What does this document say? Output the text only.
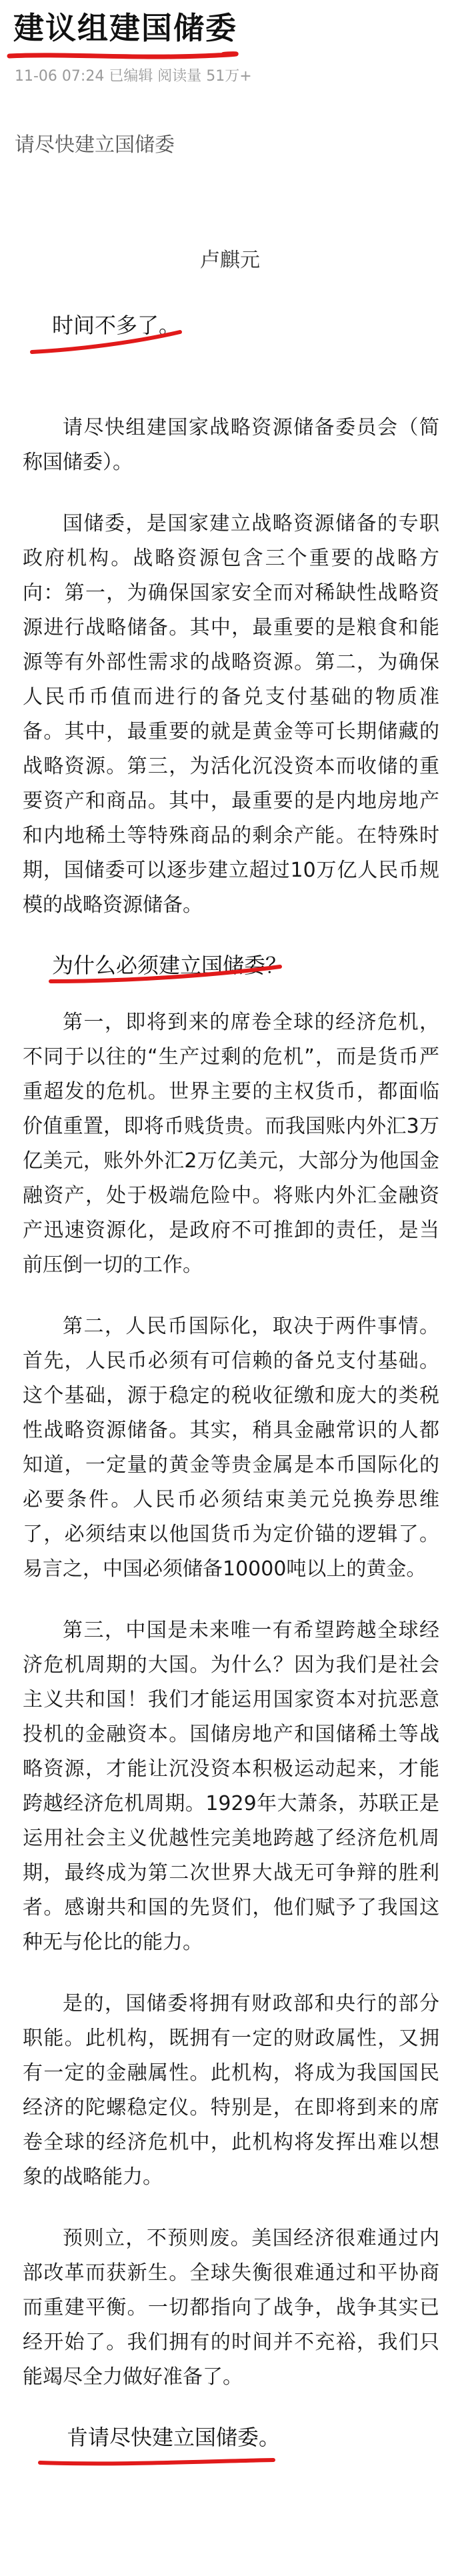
建议组建国储委
11-06 07:24 已编辑 阅读量 51万+
请尽快建立国储委
卢麒元
时间不多了。

请尽快组建国家战略资源储备委员会（简称国储委）。

国储委，是国家建立战略资源储备的专职政府机构。战略资源包含三个重要的战略方向：第一，为确保国家安全而对稀缺性战略资源进行战略储备。其中，最重要的是粮食和能源等有外部性需求的战略资源。第二，为确保人民币币值而进行的备兑支付基础的物质准备。其中，最重要的就是黄金等可长期储藏的战略资源。第三，为活化沉没资本而收储的重要资产和商品。其中，最重要的是内地房地产和内地稀土等特殊商品的剩余产能。在特殊时期，国储委可以逐步建立超过10万亿人民币规模的战略资源储备。

为什么必须建立国储委？

第一，即将到来的席卷全球的经济危机，不同于以往的“生产过剩的危机”，而是货币严重超发的危机。世界主要的主权货币，都面临价值重置，即将币贱货贵。而我国账内外汇3万亿美元，账外外汇2万亿美元，大部分为他国金融资产，处于极端危险中。将账内外汇金融资产迅速资源化，是政府不可推卸的责任，是当前压倒一切的工作。

第二，人民币国际化，取决于两件事情。首先，人民币必须有可信赖的备兑支付基础。这个基础，源于稳定的税收征缴和庞大的类税性战略资源储备。其实，稍具金融常识的人都知道，一定量的黄金等贵金属是本币国际化的必要条件。人民币必须结束美元兑换券思维了，必须结束以他国货币为定价锚的逻辑了。易言之，中国必须储备10000吨以上的黄金。

第三，中国是未来唯一有希望跨越全球经济危机周期的大国。为什么？因为我们是社会主义共和国！我们才能运用国家资本对抗恶意投机的金融资本。国储房地产和国储稀土等战略资源，才能让沉没资本积极运动起来，才能跨越经济危机周期。1929年大萧条，苏联正是运用社会主义优越性完美地跨越了经济危机周期，最终成为第二次世界大战无可争辩的胜利者。感谢共和国的先贤们，他们赋予了我国这种无与伦比的能力。

是的，国储委将拥有财政部和央行的部分职能。此机构，既拥有一定的财政属性，又拥有一定的金融属性。此机构，将成为我国国民经济的陀螺稳定仪。特别是，在即将到来的席卷全球的经济危机中，此机构将发挥出难以想象的战略能力。

预则立，不预则废。美国经济很难通过内部改革而获新生。全球失衡很难通过和平协商而重建平衡。一切都指向了战争，战争其实已经开始了。我们拥有的时间并不充裕，我们只能竭尽全力做好准备了。

肯请尽快建立国储委。
